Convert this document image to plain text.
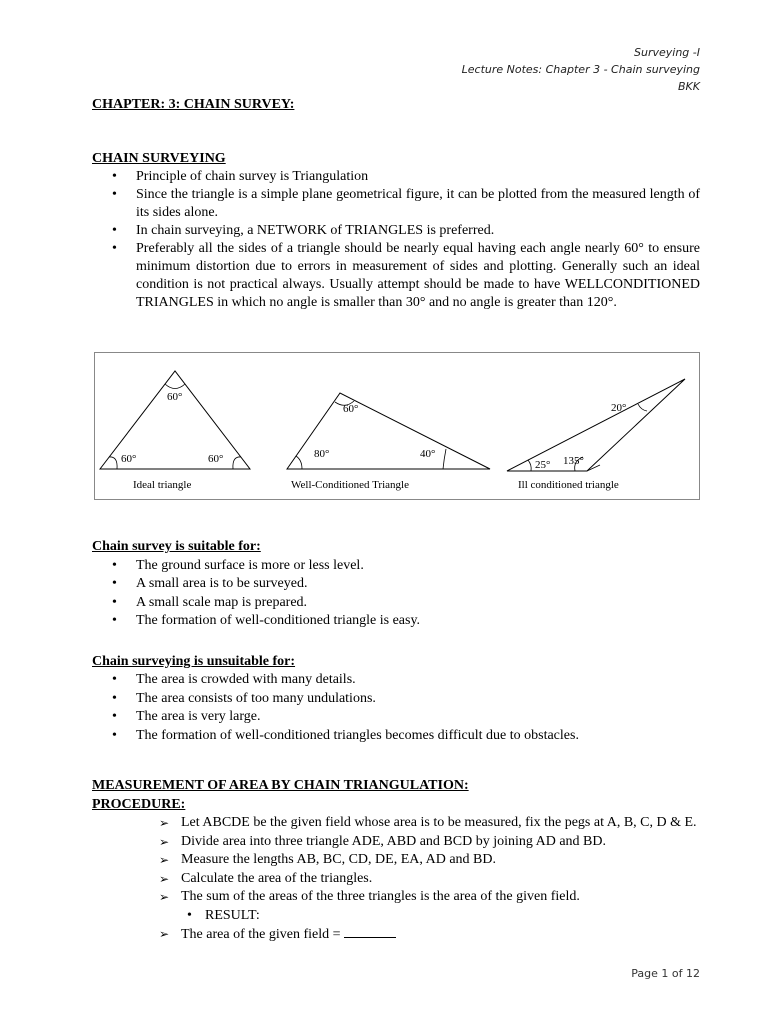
Surveying -I
Lecture Notes: Chapter 3 - Chain surveying
BKK

CHAPTER: 3: CHAIN SURVEY:

CHAIN SURVEYING

• Principle of chain survey is Triangulation
• Since the triangle is a simple plane geometrical figure, it can be plotted from the measured length of its sides alone.
• In chain surveying, a NETWORK of TRIANGLES is preferred.
• Preferably all the sides of a triangle should be nearly equal having each angle nearly 60° to ensure minimum distortion due to errors in measurement of sides and plotting. Generally such an ideal condition is not practical always. Usually attempt should be made to have WELLCONDITIONED TRIANGLES in which no angle is smaller than 30° and no angle is greater than 120°.
60°
60°	60°
Ideal triangle
60°
80°	40°
Well-Conditioned Triangle
20°
25° 135°
Ill conditioned triangle

Chain survey is suitable for:

• The ground surface is more or less level.
• A small area is to be surveyed.
• A small scale map is prepared.
• The formation of well-conditioned triangle is easy.

Chain surveying is unsuitable for:

• The area is crowded with many details.
• The area consists of too many undulations.
• The area is very large.
• The formation of well-conditioned triangles becomes difficult due to obstacles.

MEASUREMENT OF AREA BY CHAIN TRIANGULATION:

PROCEDURE:

➢ Let ABCDE be the given field whose area is to be measured, fix the pegs at A, B, C, D & E.
➢ Divide area into three triangle ADE, ABD and BCD by joining AD and BD.
➢ Measure the lengths AB, BC, CD, DE, EA, AD and BD.
➢ Calculate the area of the triangles.
➢ The sum of the areas of the three triangles is the area of the given field.
• RESULT:
➢ The area of the given field =
Page 1 of 12
